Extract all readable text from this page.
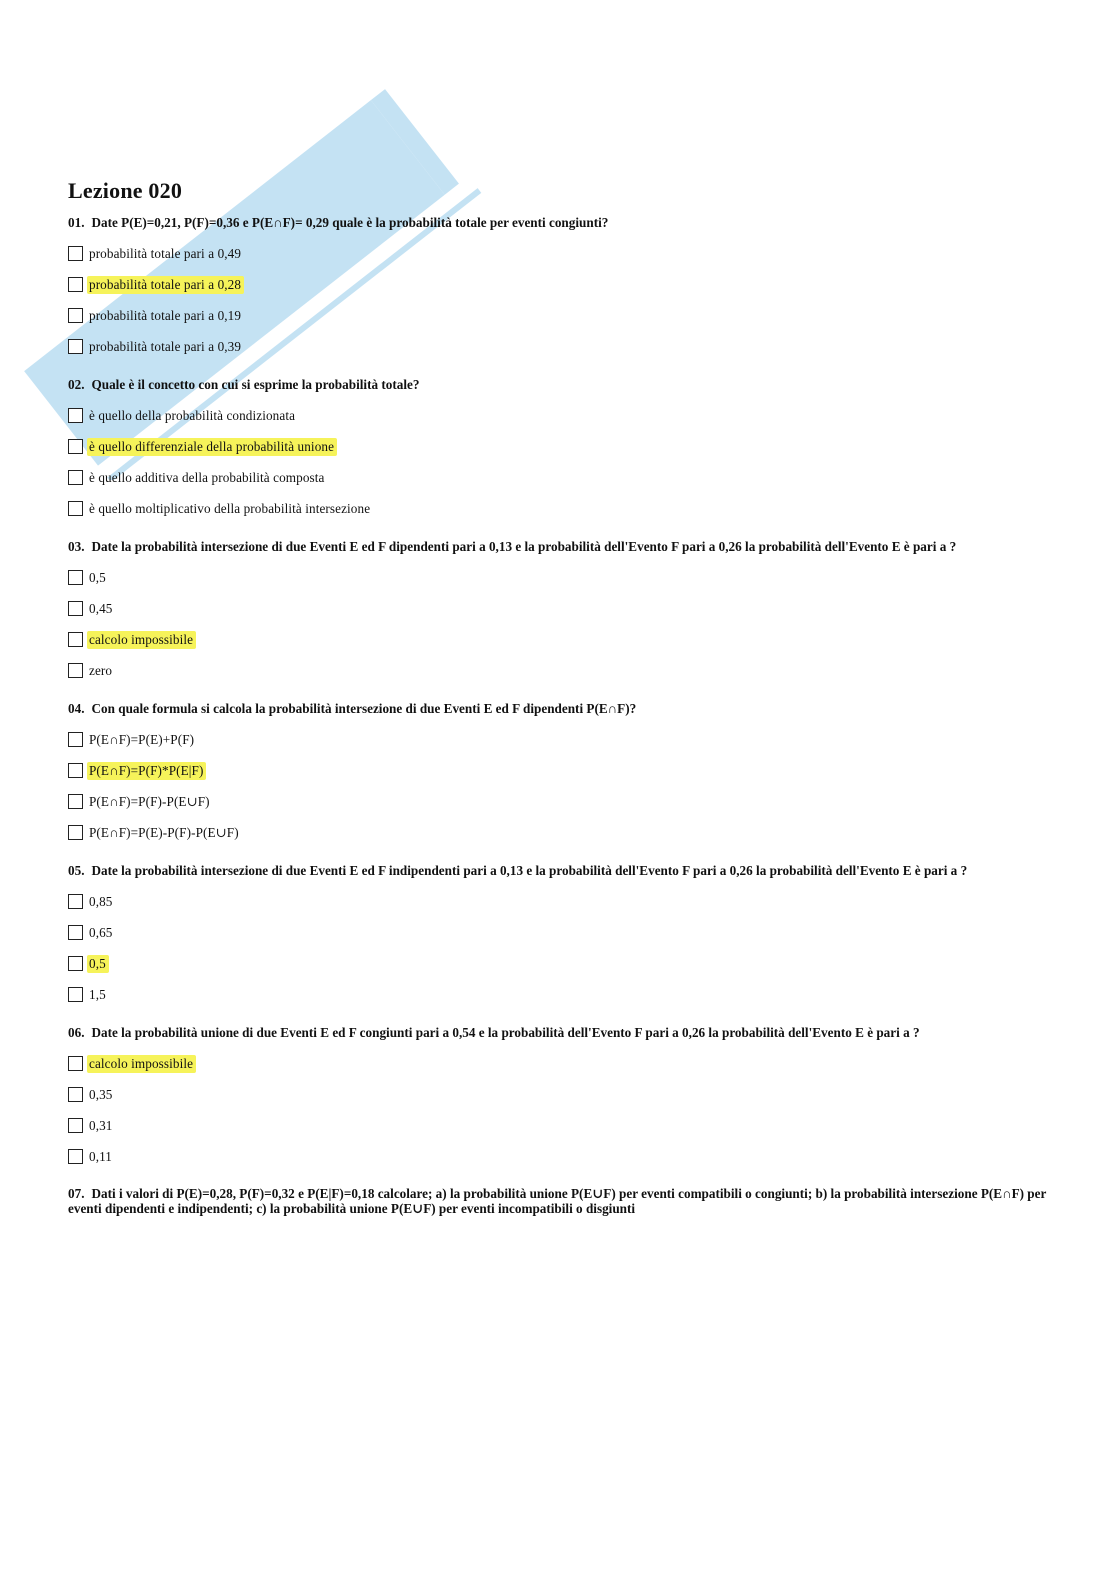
Lezione 020

01. Date P(E)=0,21, P(F)=0,36 e P(E∩F)= 0,29 quale è la probabilità totale per eventi congiunti?

probabilità totale pari a 0,49
probabilità totale pari a 0,28
probabilità totale pari a 0,19
probabilità totale pari a 0,39

02. Quale è il concetto con cui si esprime la probabilità totale?

è quello della probabilità condizionata
è quello differenziale della probabilità unione
è quello additiva della probabilità composta
è quello moltiplicativo della probabilità intersezione

03. Date la probabilità intersezione di due Eventi E ed F dipendenti pari a 0,13 e la probabilità dell'Evento F pari a 0,26 la probabilità dell'Evento E è pari a ?

0,5
0,45
calcolo impossibile
zero

04. Con quale formula si calcola la probabilità intersezione di due Eventi E ed F dipendenti P(E∩F)?

P(E∩F)=P(E)+P(F)
P(E∩F)=P(F)*P(E|F)
P(E∩F)=P(F)-P(E∪F)
P(E∩F)=P(E)-P(F)-P(E∪F)

05. Date la probabilità intersezione di due Eventi E ed F indipendenti pari a 0,13 e la probabilità dell'Evento F pari a 0,26 la probabilità dell'Evento E è pari a ?

0,85
0,65
0,5
1,5

06. Date la probabilità unione di due Eventi E ed F congiunti pari a 0,54 e la probabilità dell'Evento F pari a 0,26 la probabilità dell'Evento E è pari a ?

calcolo impossibile
0,35
0,31
0,11

07. Dati i valori di P(E)=0,28, P(F)=0,32 e P(E|F)=0,18 calcolare; a) la probabilità unione P(E∪F) per eventi compatibili o congiunti; b) la probabilità intersezione P(E∩F) per eventi dipendenti e indipendenti; c) la probabilità unione P(E∪F) per eventi incompatibili o disgiunti
